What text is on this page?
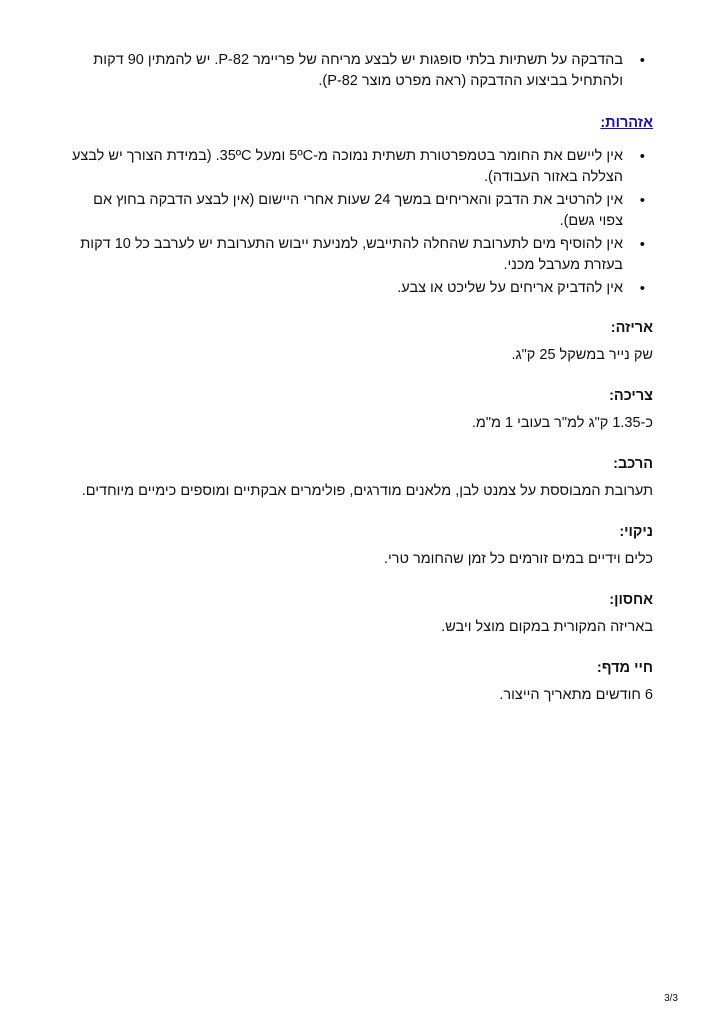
• בהדבקה על תשתיות בלתי סופגות יש לבצע מריחה של פריימר P-82. יש להמתין 90 דקות ולהתחיל בביצוע ההדבקה (ראה מפרט מוצר P-82).
אזהרות:
• אין ליישם את החומר בטמפרטורת תשתית נמוכה מ-5ºC ומעל 35ºC. (במידת הצורך יש לבצע הצללה באזור העבודה).
• אין להרטיב את הדבק והאריחים במשך 24 שעות אחרי היישום (אין לבצע הדבקה בחוץ אם צפוי גשם).
• אין להוסיף מים לתערובת שהחלה להתייבש, למניעת ייבוש התערובת יש לערבב כל 10 דקות בעזרת מערבל מכני.
• אין להדביק אריחים על שליכט או צבע.

אריזה:

שק נייר במשקל 25 ק"ג.

צריכה:

כ-1.35 ק"ג למ"ר בעובי 1 מ"מ.

הרכב:

תערובת המבוססת על צמנט לבן, מלאנים מודרגים, פולימרים אבקתיים ומוספים כימיים מיוחדים.

ניקוי:

כלים וידיים במים זורמים כל זמן שהחומר טרי.

אחסון:

באריזה המקורית במקום מוצל ויבש.

חיי מדף:

6 חודשים מתאריך הייצור.

3/3
